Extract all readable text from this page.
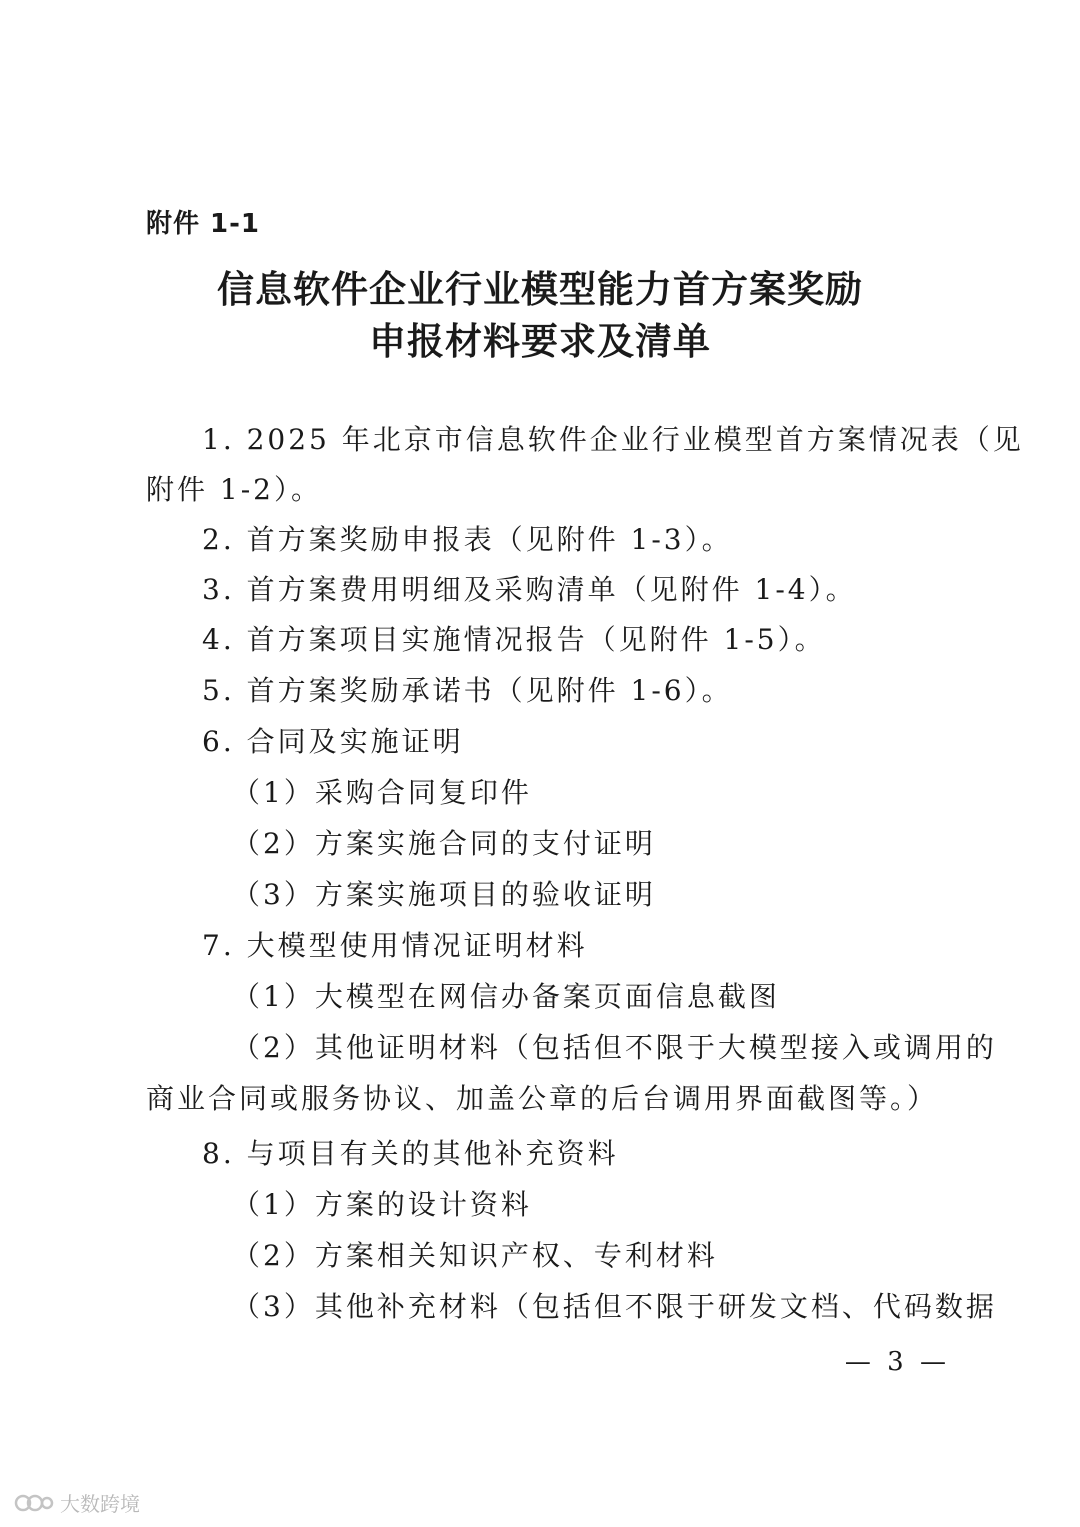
附件 1-1
信息软件企业行业模型能力首方案奖励
申报材料要求及清单
1. 2025 年北京市信息软件企业行业模型首方案情况表（见
附件 1-2）。
2. 首方案奖励申报表（见附件 1-3）。
3. 首方案费用明细及采购清单（见附件 1-4）。
4. 首方案项目实施情况报告（见附件 1-5）。
5. 首方案奖励承诺书（见附件 1-6）。
6. 合同及实施证明
（1）采购合同复印件
（2）方案实施合同的支付证明
（3）方案实施项目的验收证明
7. 大模型使用情况证明材料
（1）大模型在网信办备案页面信息截图
（2）其他证明材料（包括但不限于大模型接入或调用的
商业合同或服务协议、加盖公章的后台调用界面截图等。）
8. 与项目有关的其他补充资料
（1）方案的设计资料
（2）方案相关知识产权、专利材料
（3）其他补充材料（包括但不限于研发文档、代码数据
— 3 —
大数跨境
